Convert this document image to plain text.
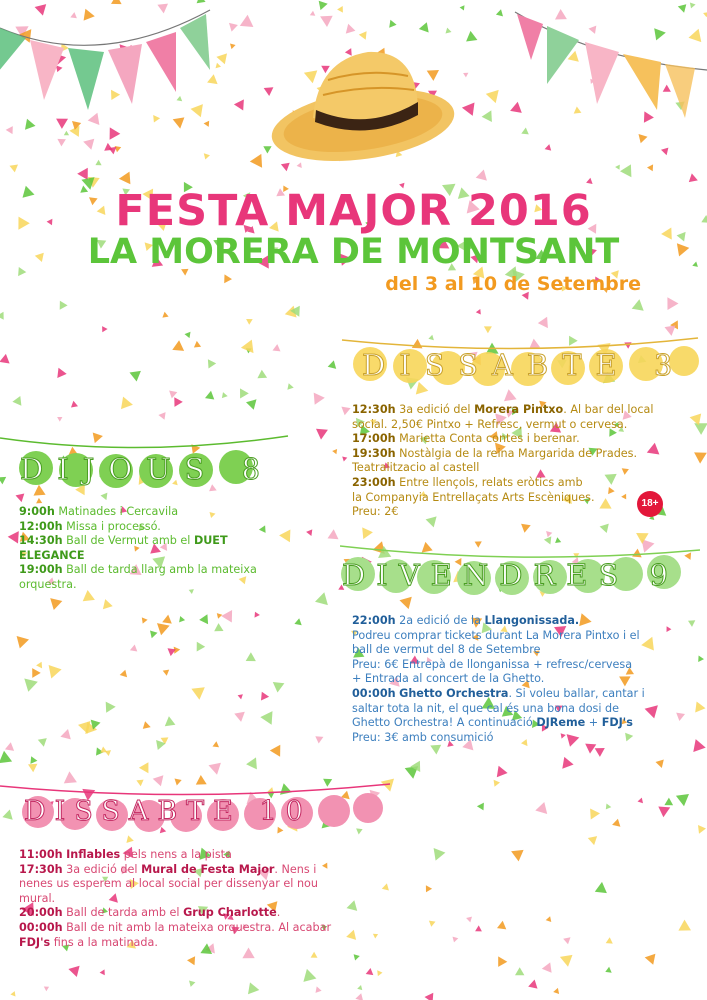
FESTA MAJOR 2016
LA MORERA DE MONTSANT
del 3 al 10 de Setembre
DISSABTE 3
DIJOUS 8
DIVENDRES 9
DISSABTE 10
12:30h 3a edició del Morera Pintxo. Al bar del local
social. 2,50€ Pintxo + Refresc, vermut o cervesa.
17:00h Marietta Conta contes i berenar.
19:30h Nostàlgia de la reina Margarida de Prades.
Teatralitzacio al castell
23:00h Entre llençols, relats eròtics amb
la Companyia Entrellaçats Arts Escèniques.
Preu: 2€
18+
9:00h Matinades i Cercavila
12:00h Missa i processó.
14:30h Ball de Vermut amb el DUET
ELEGANCE
19:00h Ball de tarda llarg amb la mateixa
orquestra.
22:00h 2a edició de la Llangonissada.
Podreu comprar tickets durant La Morera Pintxo i el
ball de vermut del 8 de Setembre
Preu: 6€ Entrepà de llonganissa + refresc/cervesa
+ Entrada al concert de la Ghetto.
00:00h Ghetto Orchestra. Si voleu ballar, cantar i
saltar tota la nit, el que cal és una bona dosi de
Ghetto Orchestra! A continuació DJReme + FDJ's
Preu: 3€ amb consumició
11:00h Inflables pels nens a la pista
17:30h 3a edició del Mural de Festa Major. Nens i
nenes us esperem al local social per dissenyar el nou
mural.
20:00h Ball de tarda amb el Grup Charlotte.
00:00h Ball de nit amb la mateixa orquestra. Al acabar
FDJ's fins a la matinada.
